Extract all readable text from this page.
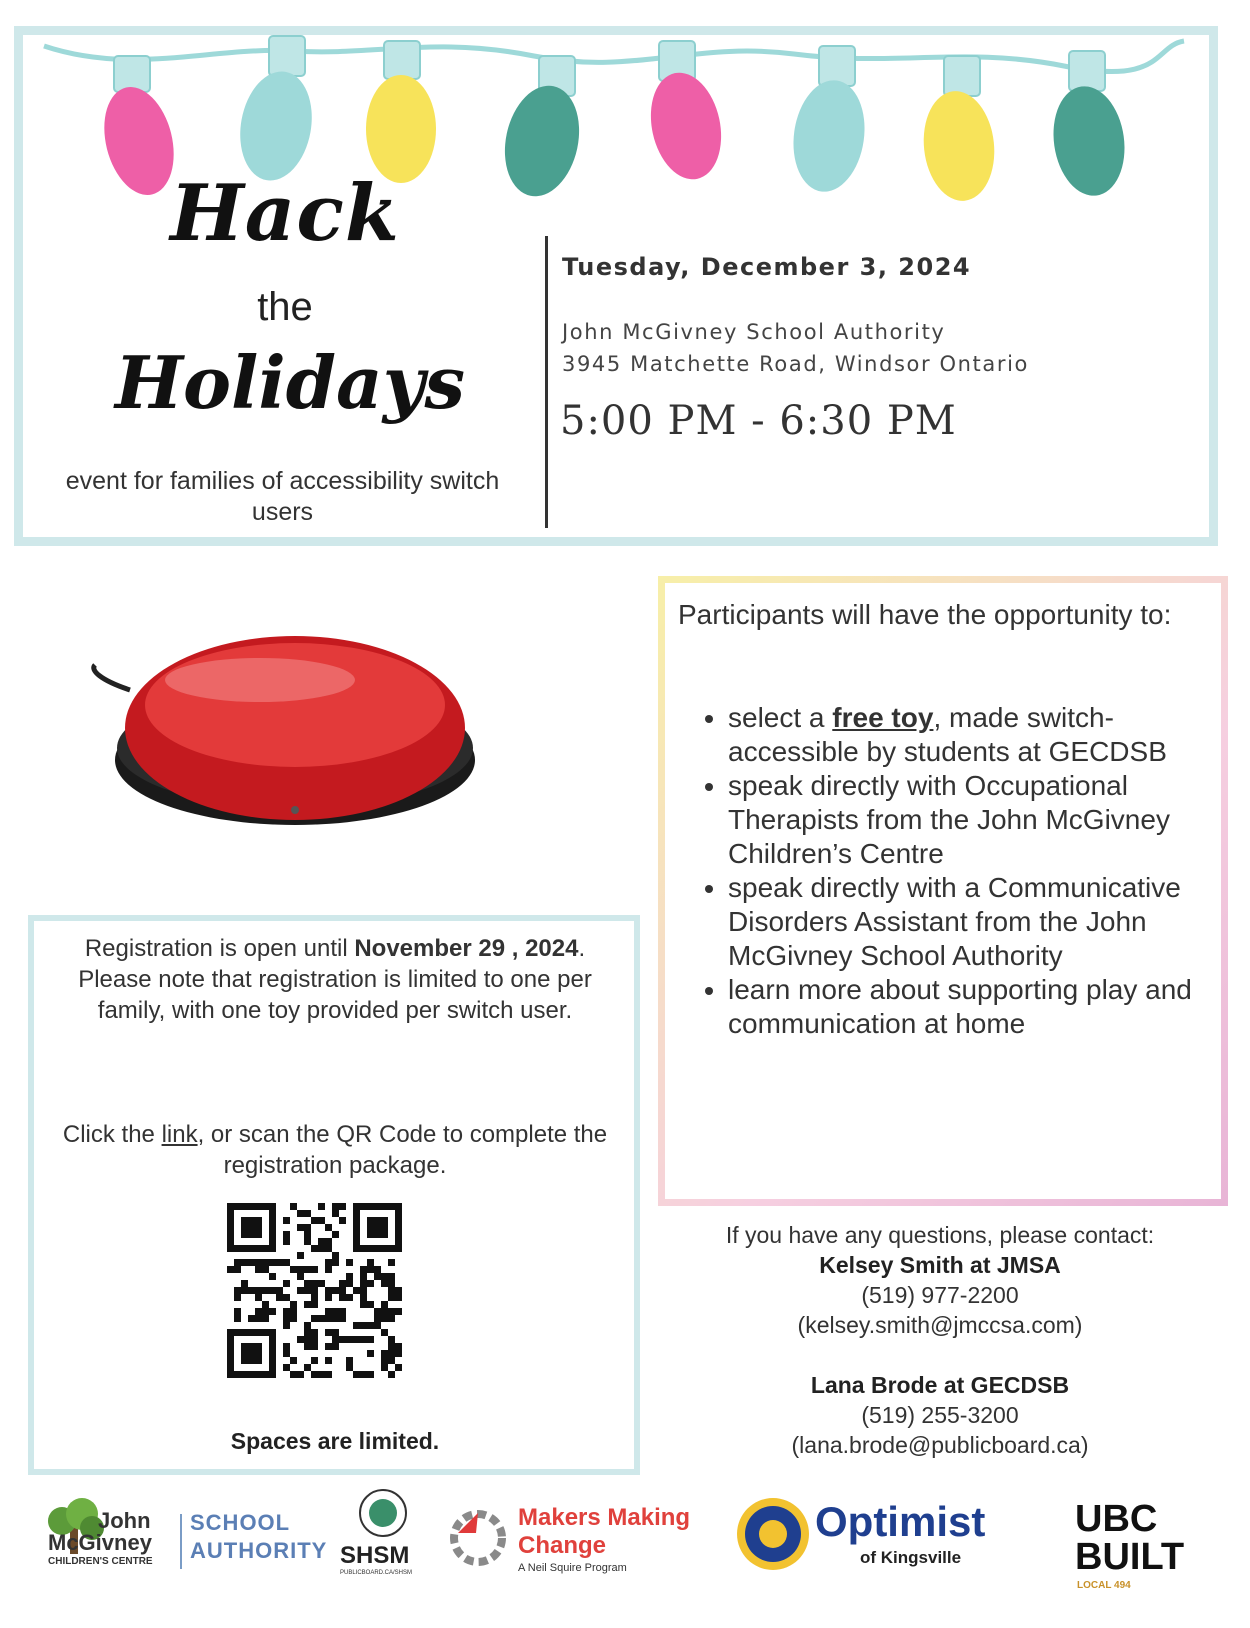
Hack
the
Holidays
event for families of accessibility switch users
Tuesday, December 3, 2024
John McGivney School Authority
3945 Matchette Road, Windsor Ontario
5:00 PM - 6:30 PM
Registration is open until November 29 , 2024. Please note that registration is limited to one per family, with one toy provided per switch user.
Click the link, or scan the QR Code to complete the registration package.
Spaces are limited.
Participants will have the opportunity to:
• select a free toy, made switch-accessible by students at GECDSB
• speak directly with Occupational Therapists from the John McGivney Children’s Centre
• speak directly with a Communicative Disorders Assistant from the John McGivney School Authority
• learn more about supporting play and communication at home
If you have any questions, please contact:
Kelsey Smith at JMSA
(519) 977-2200
(kelsey.smith@jmccsa.com)
Lana Brode at GECDSB
(519) 255-3200
(lana.brode@publicboard.ca)
John
McGivney
CHILDREN'S CENTRE
SCHOOL
AUTHORITY SHSM
PUBLICBOARD.CA/SHSM
Makers Making
Change
A Neil Squire Program
Optimist
of Kingsville
UBC
BUILT
LOCAL 494
